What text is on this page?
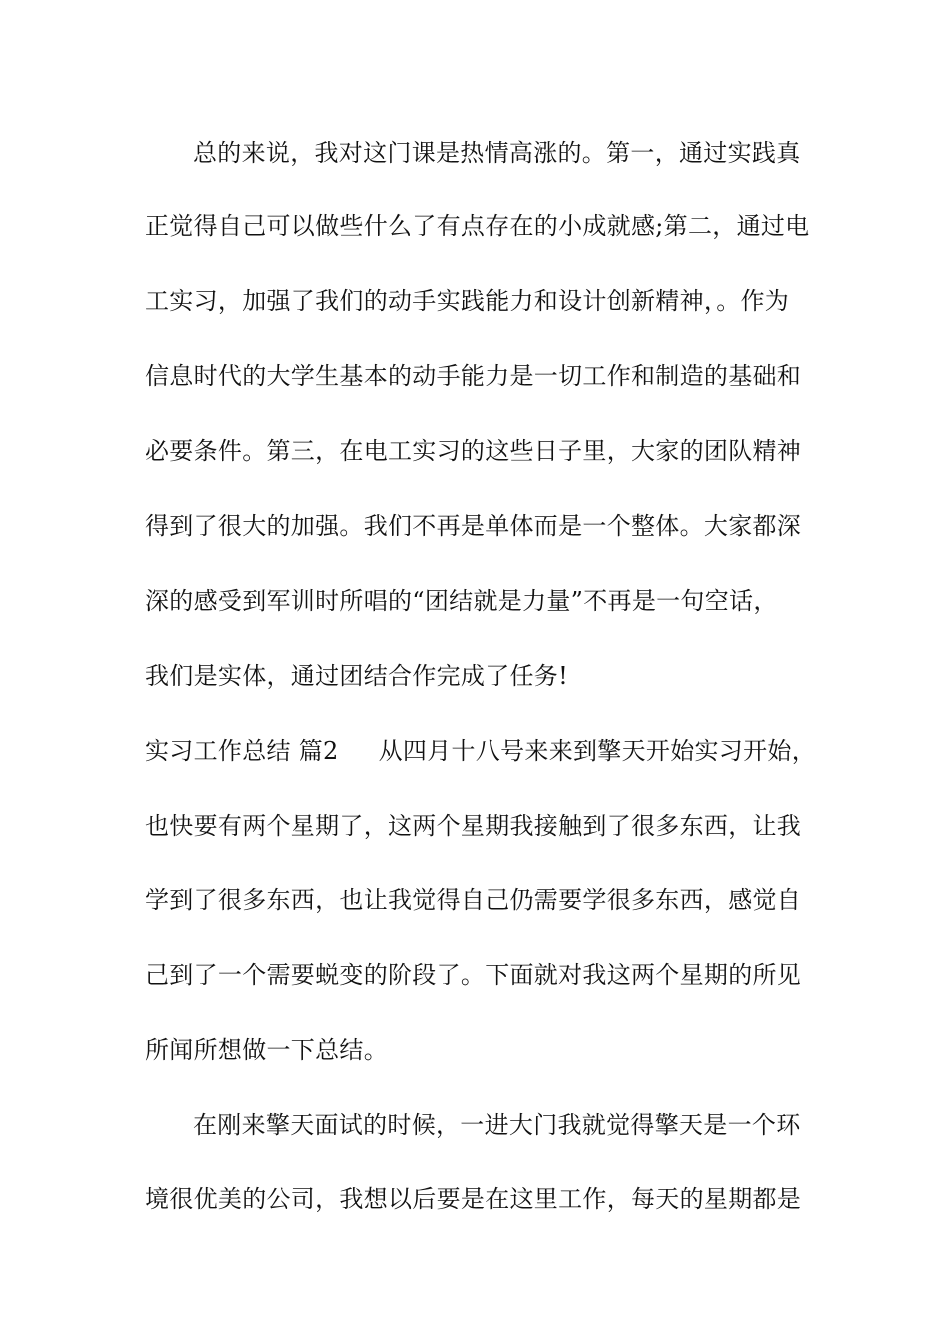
总的来说，我对这门课是热情高涨的。第一，通过实践真
正觉得自己可以做些什么了有点存在的小成就感;第二，通过电
工实习，加强了我们的动手实践能力和设计创新精神，。作为
信息时代的大学生基本的动手能力是一切工作和制造的基础和
必要条件。第三，在电工实习的这些日子里，大家的团队精神
得到了很大的加强。我们不再是单体而是一个整体。大家都深
深的感受到军训时所唱的“团结就是力量”不再是一句空话，
我们是实体，通过团结合作完成了任务!
实习工作总结 篇2 从四月十八号来来到擎天开始实习开始，
也快要有两个星期了，这两个星期我接触到了很多东西，让我
学到了很多东西，也让我觉得自己仍需要学很多东西，感觉自
己到了一个需要蜕变的阶段了。下面就对我这两个星期的所见
所闻所想做一下总结。
在刚来擎天面试的时候，一进大门我就觉得擎天是一个环
境很优美的公司，我想以后要是在这里工作，每天的星期都是
